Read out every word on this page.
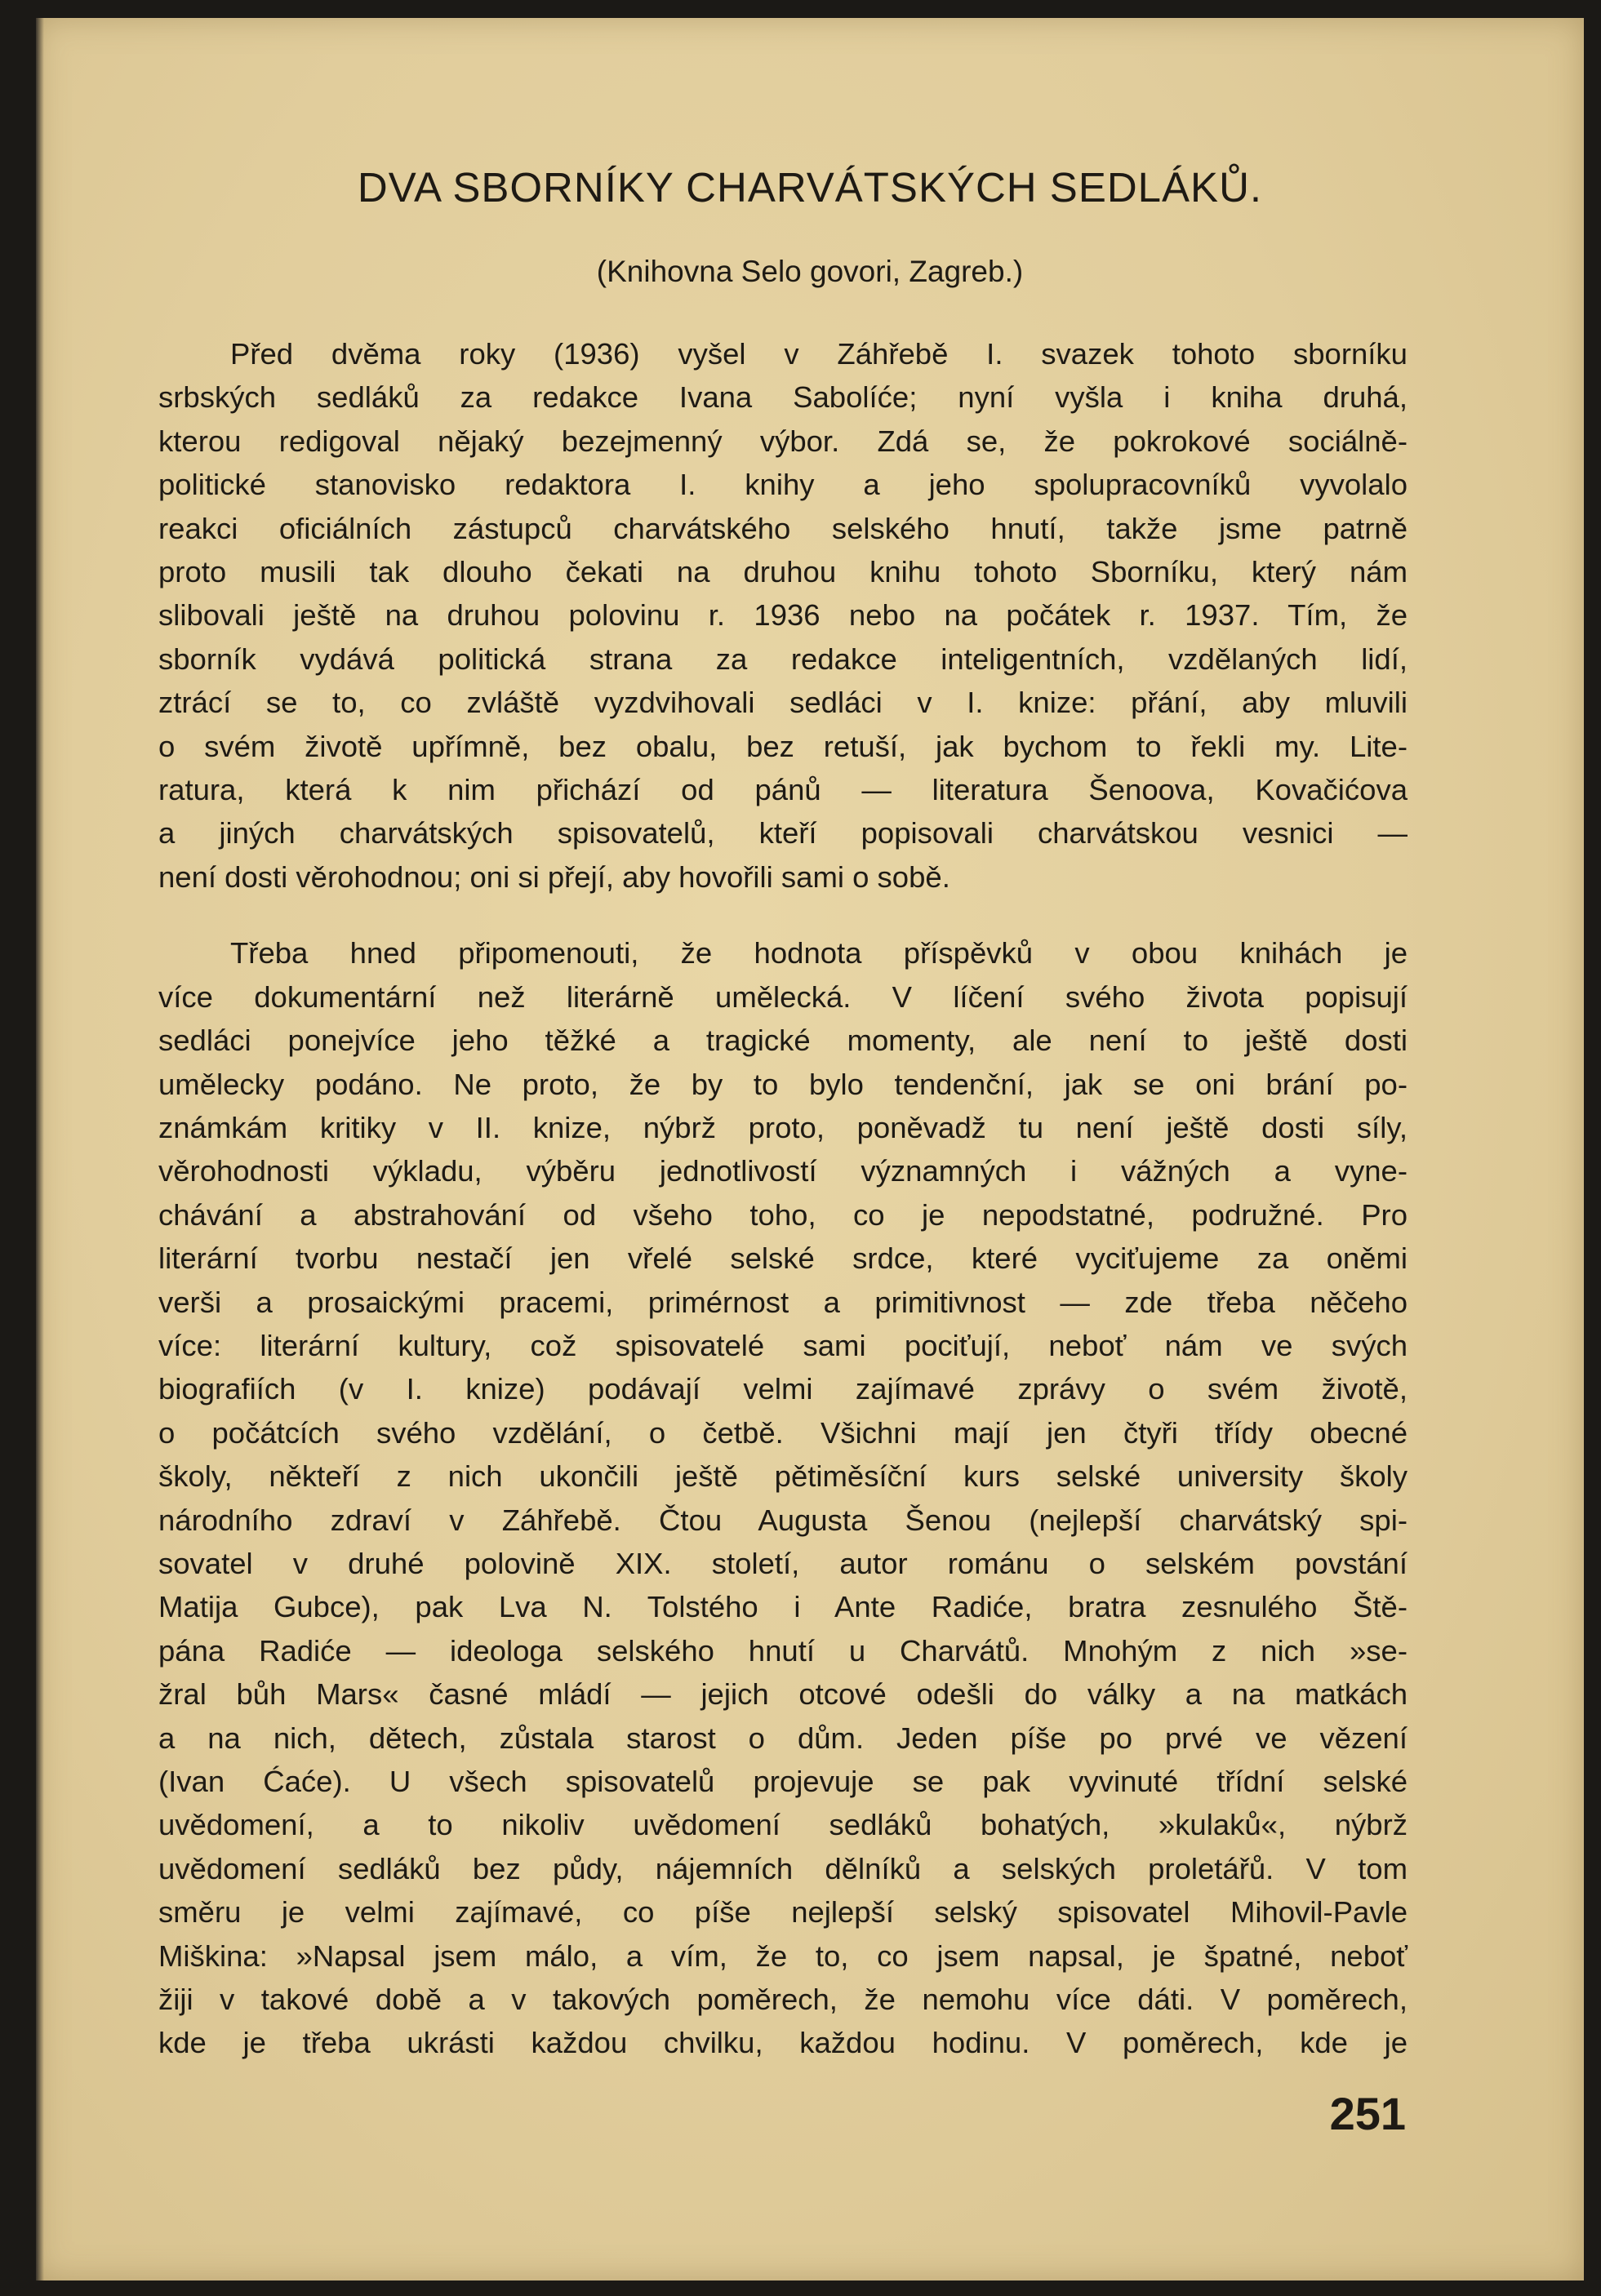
DVA SBORNÍKY CHARVÁTSKÝCH SEDLÁKŮ.

(Knihovna Selo govori, Zagreb.)

Před dvěma roky (1936) vyšel v Záhřebě I. svazek tohoto sborníku
srbských sedláků za redakce Ivana Sabolíće; nyní vyšla i kniha druhá,
kterou redigoval nějaký bezejmenný výbor. Zdá se, že pokrokové sociálně-
politické stanovisko redaktora I. knihy a jeho spolupracovníků vyvolalo
reakci oficiálních zástupců charvátského selského hnutí, takže jsme patrně
proto musili tak dlouho čekati na druhou knihu tohoto Sborníku, který nám
slibovali ještě na druhou polovinu r. 1936 nebo na počátek r. 1937. Tím, že
sborník vydává politická strana za redakce inteligentních, vzdělaných lidí,
ztrácí se to, co zvláště vyzdvihovali sedláci v I. knize: přání, aby mluvili
o svém životě upřímně, bez obalu, bez retuší, jak bychom to řekli my. Lite-
ratura, která k nim přichází od pánů — literatura Šenoova, Kovačićova
a jiných charvátských spisovatelů, kteří popisovali charvátskou vesnici —
není dosti věrohodnou; oni si přejí, aby hovořili sami o sobě.

Třeba hned připomenouti, že hodnota příspěvků v obou knihách je
více dokumentární než literárně umělecká. V líčení svého života popisují
sedláci ponejvíce jeho těžké a tragické momenty, ale není to ještě dosti
umělecky podáno. Ne proto, že by to bylo tendenční, jak se oni brání po-
známkám kritiky v II. knize, nýbrž proto, poněvadž tu není ještě dosti síly,
věrohodnosti výkladu, výběru jednotlivostí významných i vážných a vyne-
chávání a abstrahování od všeho toho, co je nepodstatné, podružné. Pro
literární tvorbu nestačí jen vřelé selské srdce, které vyciťujeme za oněmi
verši a prosaickými pracemi, primérnost a primitivnost — zde třeba něčeho
více: literární kultury, což spisovatelé sami pociťují, neboť nám ve svých
biografiích (v I. knize) podávají velmi zajímavé zprávy o svém životě,
o počátcích svého vzdělání, o četbě. Všichni mají jen čtyři třídy obecné
školy, někteří z nich ukončili ještě pětiměsíční kurs selské university školy
národního zdraví v Záhřebě. Čtou Augusta Šenou (nejlepší charvátský spi-
sovatel v druhé polovině XIX. století, autor románu o selském povstání
Matija Gubce), pak Lva N. Tolstého i Ante Radiće, bratra zesnulého Ště-
pána Radiće — ideologa selského hnutí u Charvátů. Mnohým z nich »se-
žral bůh Mars« časné mládí — jejich otcové odešli do války a na matkách
a na nich, dětech, zůstala starost o dům. Jeden píše po prvé ve vězení
(Ivan Ćaće). U všech spisovatelů projevuje se pak vyvinuté třídní selské
uvědomení, a to nikoliv uvědomení sedláků bohatých, »kulaků«, nýbrž
uvědomení sedláků bez půdy, nájemních dělníků a selských proletářů. V tom
směru je velmi zajímavé, co píše nejlepší selský spisovatel Mihovil-Pavle
Miškina: »Napsal jsem málo, a vím, že to, co jsem napsal, je špatné, neboť
žiji v takové době a v takových poměrech, že nemohu více dáti. V poměrech,
kde je třeba ukrásti každou chvilku, každou hodinu. V poměrech, kde je

251
